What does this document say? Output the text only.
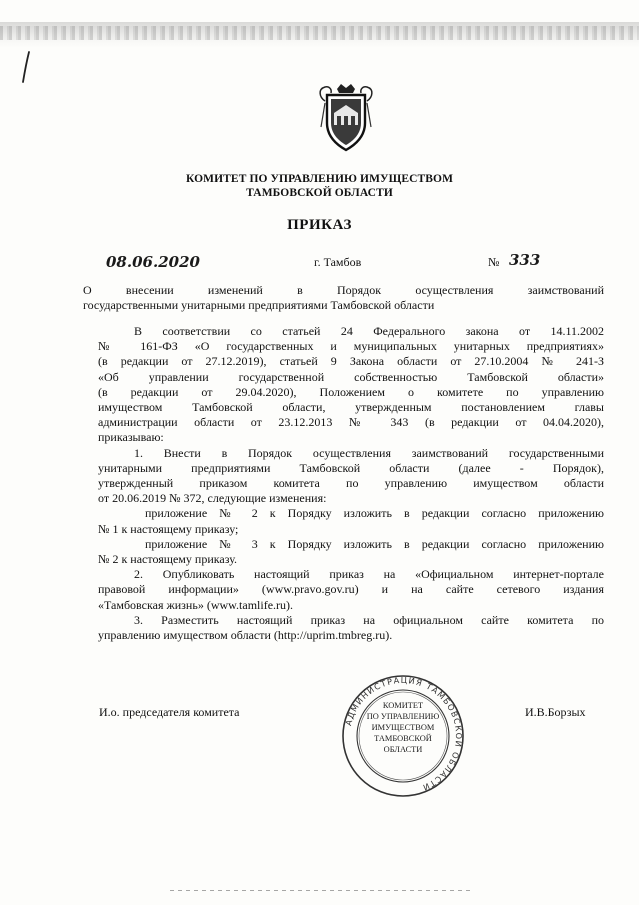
КОМИТЕТ ПО УПРАВЛЕНИЮ ИМУЩЕСТВОМ
ТАМБОВСКОЙ ОБЛАСТИ
ПРИКАЗ
08.06.2020	г. Тамбов	№ 333
О внесении изменений в Порядок осуществления заимствований
государственными унитарными предприятиями Тамбовской области
В соответствии со статьей 24 Федерального закона от 14.11.2002
№ 161-ФЗ «О государственных и муниципальных унитарных предприятиях»
(в редакции от 27.12.2019), статьей 9 Закона области от 27.10.2004 № 241-З
«Об управлении государственной собственностью Тамбовской области»
(в редакции от 29.04.2020), Положением о комитете по управлению
имуществом Тамбовской области, утвержденным постановлением главы
администрации области от 23.12.2013 № 343 (в редакции от 04.04.2020),
приказываю:
1. Внести в Порядок осуществления заимствований государственными
унитарными предприятиями Тамбовской области (далее - Порядок),
утвержденный приказом комитета по управлению имуществом области
от 20.06.2019 № 372, следующие изменения:
приложение № 2 к Порядку изложить в редакции согласно приложению
№ 1 к настоящему приказу;
приложение № 3 к Порядку изложить в редакции согласно приложению
№ 2 к настоящему приказу.
2. Опубликовать настоящий приказ на «Официальном интернет-портале
правовой информации» (www.pravo.gov.ru) и на сайте сетевого издания
«Тамбовская жизнь» (www.tamlife.ru).
3. Разместить настоящий приказ на официальном сайте комитета по
управлению имуществом области (http://uprim.tmbreg.ru).
И.о. председателя комитета	И.В.Борзых
АДМИНИСТРАЦИЯ ТАМБОВСКОЙ ОБЛАСТИ
КОМИТЕТ
ПО УПРАВЛЕНИЮ
ИМУЩЕСТВОМ
ТАМБОВСКОЙ
ОБЛАСТИ
